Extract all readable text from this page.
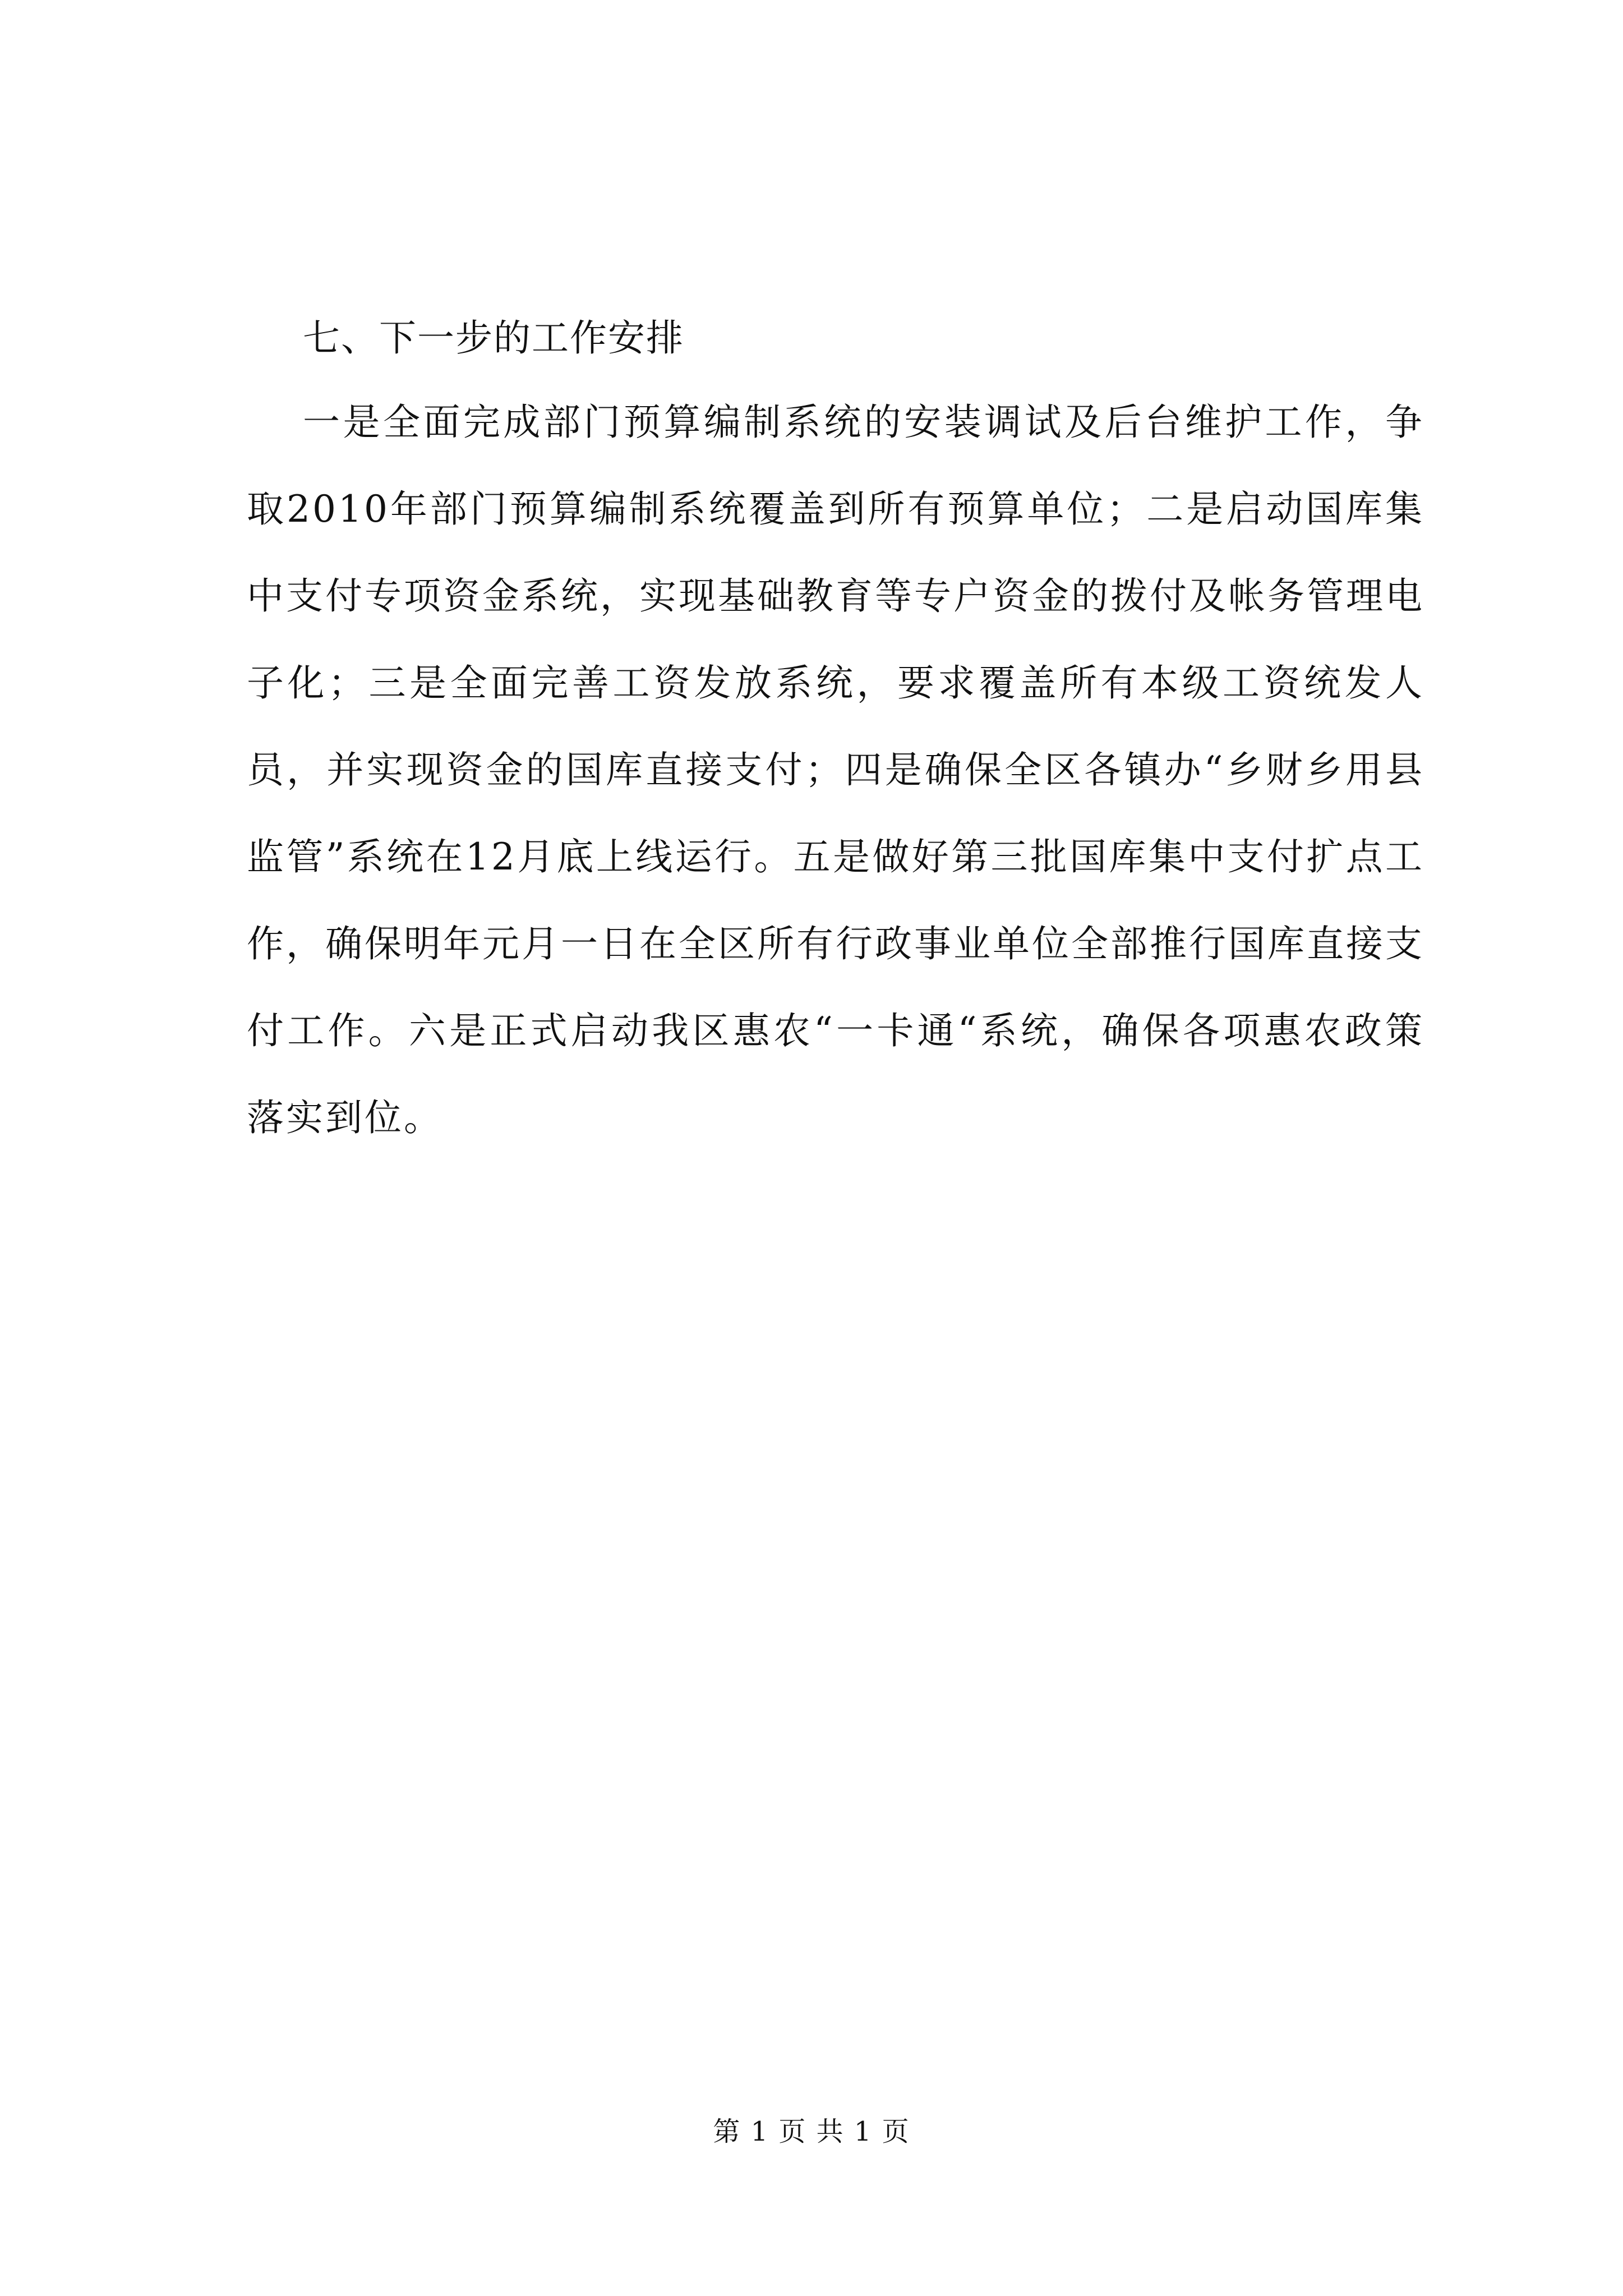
七、下一步的工作安排

一是全面完成部门预算编制系统的安装调试及后台维护工作，争取2010年部门预算编制系统覆盖到所有预算单位；二是启动国库集中支付专项资金系统，实现基础教育等专户资金的拨付及帐务管理电子化；三是全面完善工资发放系统，要求覆盖所有本级工资统发人员，并实现资金的国库直接支付；四是确保全区各镇办“乡财乡用县监管”系统在12月底上线运行。五是做好第三批国库集中支付扩点工作，确保明年元月一日在全区所有行政事业单位全部推行国库直接支付工作。六是正式启动我区惠农“一卡通“系统，确保各项惠农政策落实到位。

第 1 页 共 1 页
